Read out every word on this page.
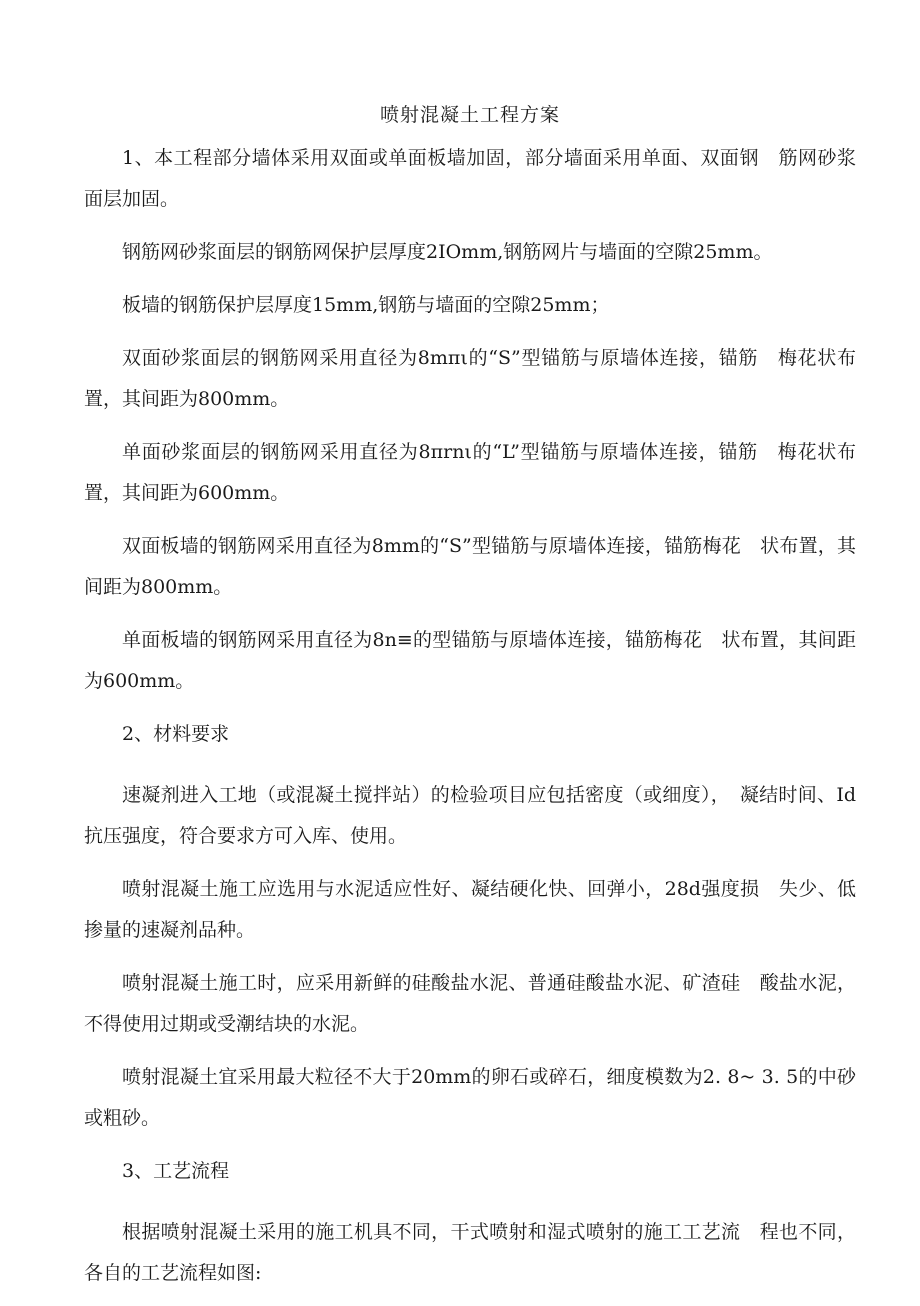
喷射混凝土工程方案

1、本工程部分墙体采用双面或单面板墙加固，部分墙面采用单面、双面钢　筋网砂浆面层加固。

钢筋网砂浆面层的钢筋网保护层厚度2IOmm,钢筋网片与墙面的空隙25mm。

板墙的钢筋保护层厚度15mm,钢筋与墙面的空隙25mm；

双面砂浆面层的钢筋网采用直径为8mπι的“S”型锚筋与原墙体连接，锚筋　梅花状布置，其间距为800mm。

单面砂浆面层的钢筋网采用直径为8πrnι的“L”型锚筋与原墙体连接，锚筋　梅花状布置，其间距为600mm。

双面板墙的钢筋网采用直径为8mm的“S”型锚筋与原墙体连接，锚筋梅花　状布置，其间距为800mm。

单面板墙的钢筋网采用直径为8n≡的型锚筋与原墙体连接，锚筋梅花　状布置，其间距为600mm。

2、材料要求

速凝剂进入工地（或混凝土搅拌站）的检验项目应包括密度（或细度），　凝结时间、Id抗压强度，符合要求方可入库、使用。

喷射混凝土施工应选用与水泥适应性好、凝结硬化快、回弹小，28d强度损　失少、低掺量的速凝剂品种。

喷射混凝土施工时，应采用新鲜的硅酸盐水泥、普通硅酸盐水泥、矿渣硅　酸盐水泥，不得使用过期或受潮结块的水泥。

喷射混凝土宜采用最大粒径不大于20mm的卵石或碎石，细度模数为2. 8~ 3. 5的中砂或粗砂。

3、工艺流程

根据喷射混凝土采用的施工机具不同，干式喷射和湿式喷射的施工工艺流　程也不同，各自的工艺流程如图:
